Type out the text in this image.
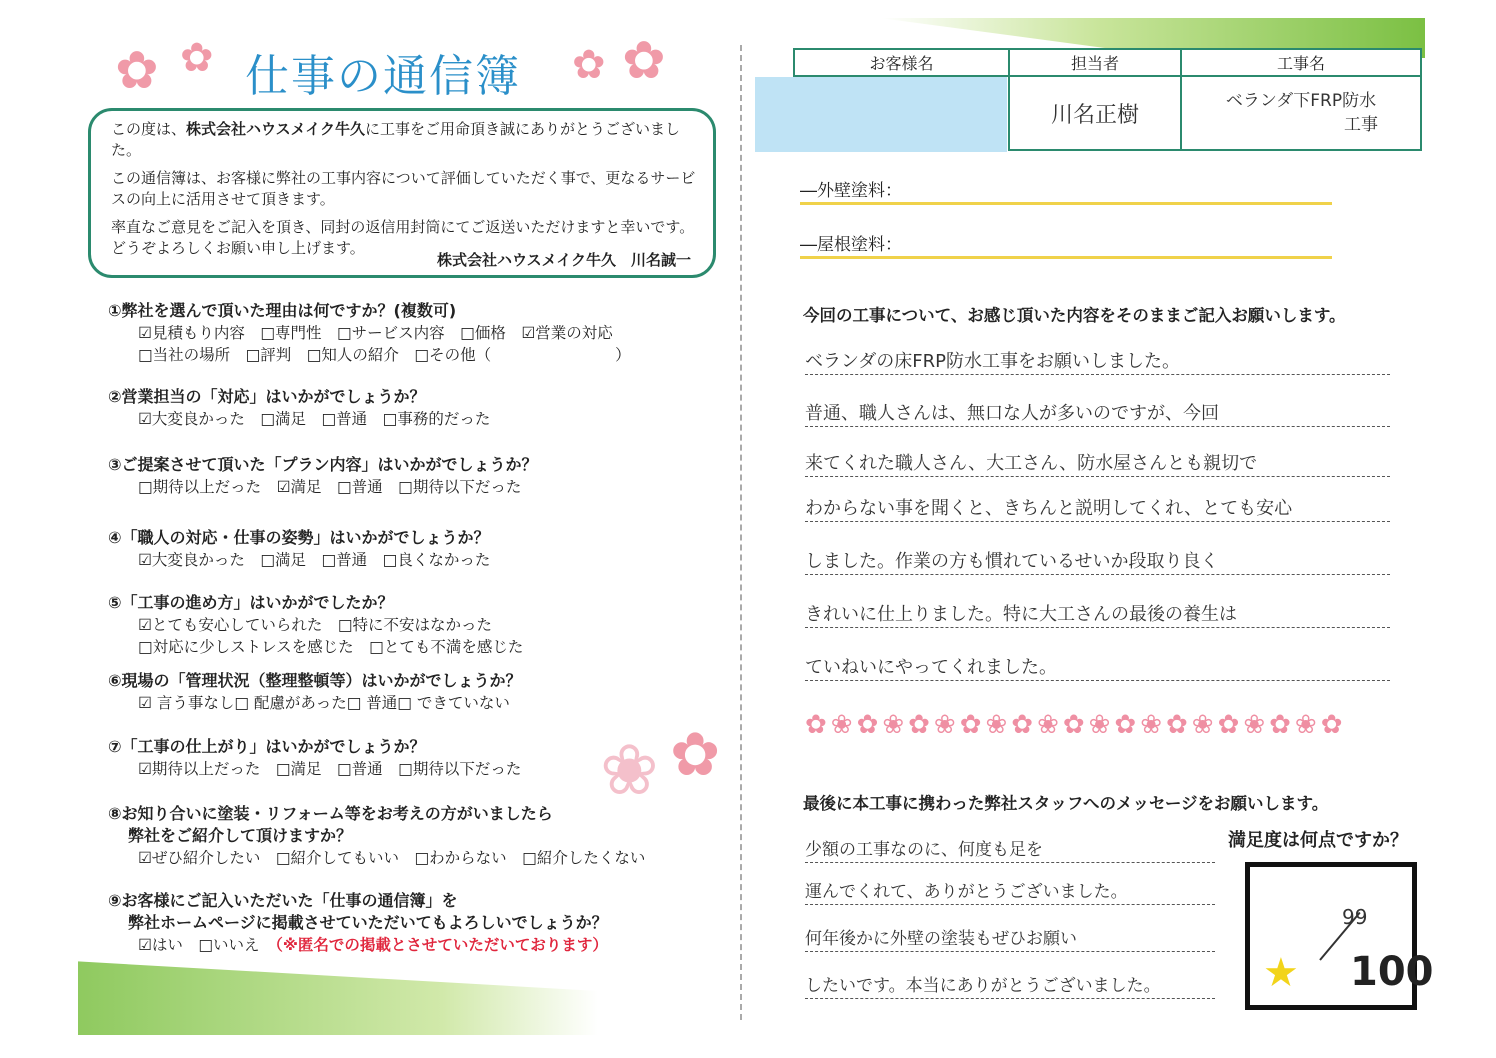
✿ ✿	✿ ✿
仕事の通信簿

この度は、株式会社ハウスメイク牛久に工事をご用命頂き誠にありがとうございました。

この通信簿は、お客様に弊社の工事内容について評価していただく事で、更なるサービスの向上に活用させて頂きます。

率直なご意見をご記入を頂き、同封の返信用封筒にてご返送いただけますと幸いです。どうぞよろしくお願い申し上げます。

株式会社ハウスメイク牛久　川名誠一
①弊社を選んで頂いた理由は何ですか？(複数可)
☑見積もり内容　□専門性　□サービス内容　□価格　☑営業の対応
□当社の場所　□評判　□知人の紹介　□その他（　　　　　　　　）
②営業担当の「対応」はいかがでしょうか？
☑大変良かった　□満足　□普通　□事務的だった
③ご提案させて頂いた「プラン内容」はいかがでしょうか？
□期待以上だった　☑満足　□普通　□期待以下だった
④「職人の対応・仕事の姿勢」はいかがでしょうか？
☑大変良かった　□満足　□普通　□良くなかった
⑤「工事の進め方」はいかがでしたか？
☑とても安心していられた　□特に不安はなかった
□対応に少しストレスを感じた　□とても不満を感じた
⑥現場の「管理状況（整理整頓等）はいかがでしょうか？
☑ 言う事なし□ 配慮があった□ 普通□ できていない
⑦「工事の仕上がり」はいかがでしょうか？
☑期待以上だった　□満足　□普通　□期待以下だった
⑧お知り合いに塗装・リフォーム等をお考えの方がいましたら
弊社をご紹介して頂けますか？
☑ぜひ紹介したい　□紹介してもいい　□わからない　□紹介したくない
⑨お客様にご記入いただいた「仕事の通信簿」を
弊社ホームページに掲載させていただいてもよろしいでしょうか？
☑はい　□いいえ　 （※匿名での掲載とさせていただいております）
❀ ✿
お客様名	担当者	工事名
	川名正樹	ベランダ下FRP防水
工事
―外壁塗料：
―屋根塗料：
今回の工事について、お感じ頂いた内容をそのままご記入お願いします。
ベランダの床FRP防水工事をお願いしました。
普通、職人さんは、無口な人が多いのですが、今回
来てくれた職人さん、大工さん、防水屋さんとも親切で
わからない事を聞くと、きちんと説明してくれ、とても安心
しました。作業の方も慣れているせいか段取り良く
きれいに仕上りました。特に大工さんの最後の養生は
ていねいにやってくれました。
✿❀✿❀✿❀✿❀✿❀✿❀✿❀✿❀✿❀✿❀✿
最後に本工事に携わった弊社スタッフへのメッセージをお願いします。
少額の工事なのに、何度も足を
運んでくれて、ありがとうございました。
何年後かに外壁の塗装もぜひお願い
したいです。本当にありがとうございました。
満足度は何点ですか？
99
100
★
